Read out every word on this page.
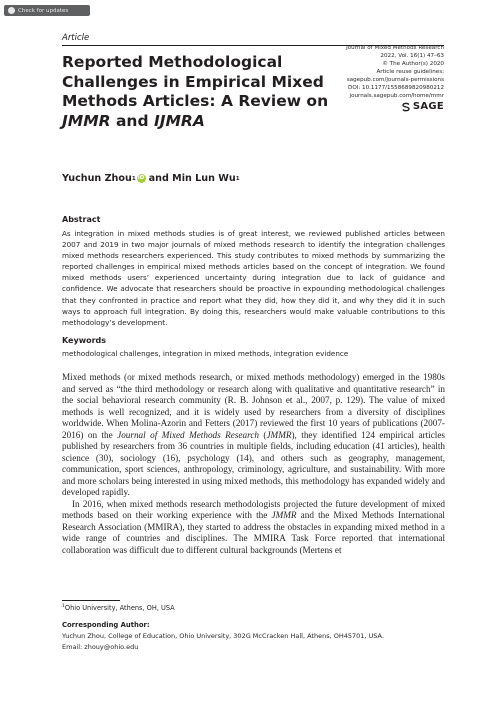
Check for updates
Article
Reported Methodological Challenges in Empirical Mixed Methods Articles: A Review on JMMR and IJMRA
Journal of Mixed Methods Research
2022, Vol. 16(1) 47–63
© The Author(s) 2020
Article reuse guidelines:
sagepub.com/journals-permissions
DOI: 10.1177/1558689820980212
journals.sagepub.com/home/mmr
SAGE
Yuchun Zhou 1 iD and Min Lun Wu 1
Abstract

As integration in mixed methods studies is of great interest, we reviewed published articles between 2007 and 2019 in two major journals of mixed methods research to identify the integration challenges mixed methods researchers experienced. This study contributes to mixed methods by summarizing the reported challenges in empirical mixed methods articles based on the concept of integration. We found mixed methods users’ experienced uncertainty during integration due to lack of guidance and confidence. We advocate that researchers should be proactive in expounding methodological challenges that they confronted in practice and report what they did, how they did it, and why they did it in such ways to approach full integration. By doing this, researchers would make valuable contributions to this methodology’s development.

Keywords
methodological challenges, integration in mixed methods, integration evidence

Mixed methods (or mixed methods research, or mixed methods methodology) emerged in the 1980s and served as “the third methodology or research along with qualitative and quantitative research” in the social behavioral research community (R. B. Johnson et al., 2007, p. 129). The value of mixed methods is well recognized, and it is widely used by researchers from a diversity of disciplines worldwide. When Molina-Azorin and Fetters (2017) reviewed the first 10 years of publications (2007-2016) on the Journal of Mixed Methods Research (JMMR), they identified 124 empirical articles published by researchers from 36 countries in multiple fields, including education (41 articles), health science (30), sociology (16), psychology (14), and others such as geography, management, communication, sport sciences, anthropology, criminology, agriculture, and sustainability. With more and more scholars being interested in using mixed methods, this methodology has expanded widely and developed rapidly.

In 2016, when mixed methods research methodologists projected the future development of mixed methods based on their working experience with the JMMR and the Mixed Methods International Research Association (MMIRA), they started to address the obstacles in expanding mixed method in a wide range of countries and disciplines. The MMIRA Task Force reported that international collaboration was difficult due to different cultural backgrounds (Mertens et

$^1$Ohio University, Athens, OH, USA
Corresponding Author:
Yuchun Zhou, College of Education, Ohio University, 302G McCracken Hall, Athens, OH45701, USA.
Email: zhouy@ohio.edu
